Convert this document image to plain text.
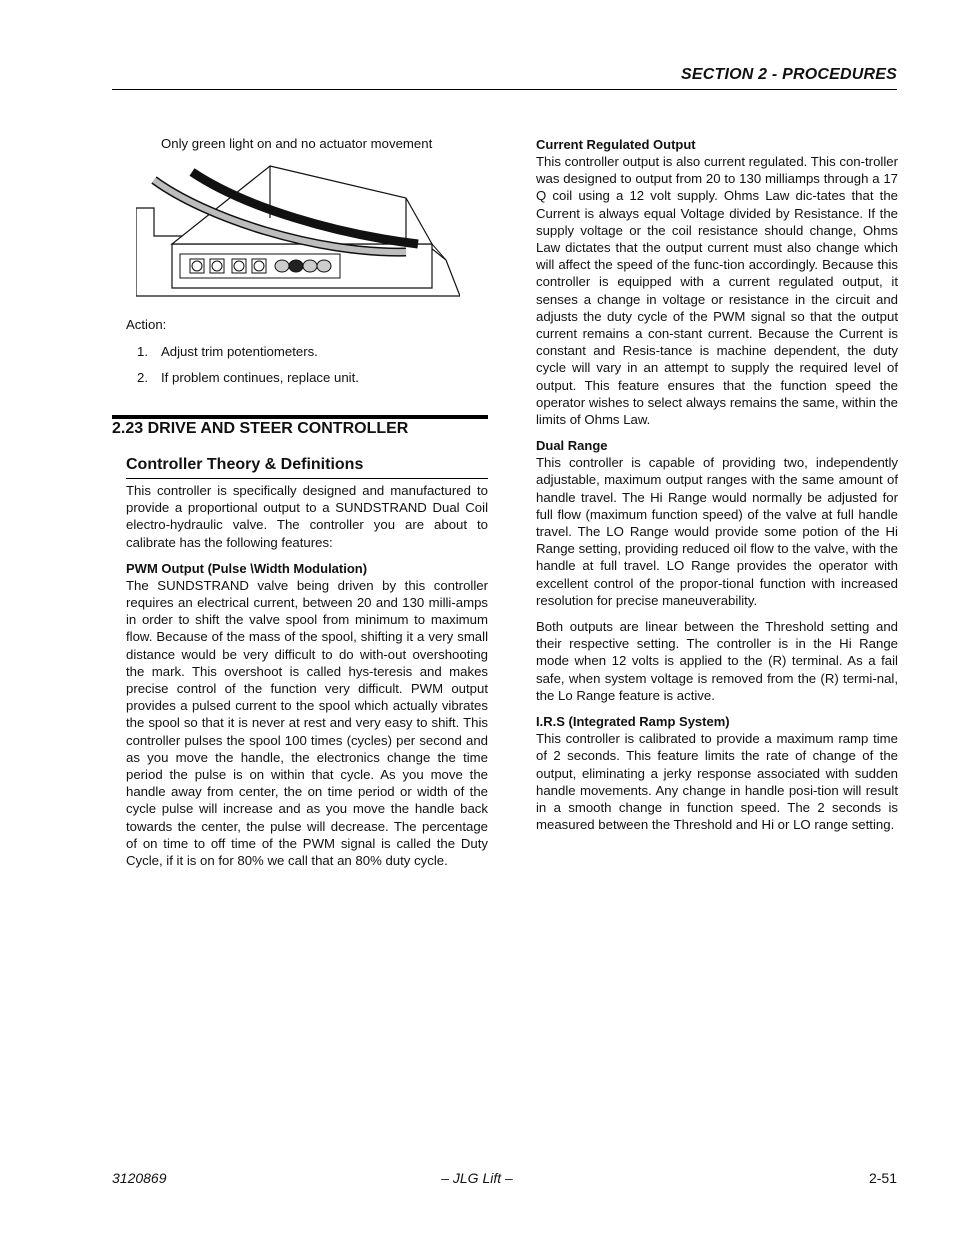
SECTION 2 - PROCEDURES
Only green light on and no actuator movement
Action:
1. Adjust trim potentiometers.
2. If problem continues, replace unit.
2.23 DRIVE AND STEER CONTROLLER
Controller Theory & Definitions

This controller is specifically designed and manufactured to provide a proportional output to a SUNDSTRAND Dual Coil electro-hydraulic valve. The controller you are about to calibrate has the following features:

PWM Output (Pulse \Width Modulation)

The SUNDSTRAND valve being driven by this controller requires an electrical current, between 20 and 130 milli-amps in order to shift the valve spool from minimum to maximum flow. Because of the mass of the spool, shifting it a very small distance would be very difficult to do with-out overshooting the mark. This overshoot is called hys-teresis and makes precise control of the function very difficult. PWM output provides a pulsed current to the spool which actually vibrates the spool so that it is never at rest and very easy to shift. This controller pulses the spool 100 times (cycles) per second and as you move the handle, the electronics change the time period the pulse is on within that cycle. As you move the handle away from center, the on time period or width of the cycle pulse will increase and as you move the handle back towards the center, the pulse will decrease. The percentage of on time to off time of the PWM signal is called the Duty Cycle, if it is on for 80% we call that an 80% duty cycle.

Current Regulated Output

This controller output is also current regulated. This con-troller was designed to output from 20 to 130 milliamps through a 17 Q coil using a 12 volt supply. Ohms Law dic-tates that the Current is always equal Voltage divided by Resistance. If the supply voltage or the coil resistance should change, Ohms Law dictates that the output current must also change which will affect the speed of the func-tion accordingly. Because this controller is equipped with a current regulated output, it senses a change in voltage or resistance in the circuit and adjusts the duty cycle of the PWM signal so that the output current remains a con-stant current. Because the Current is constant and Resis-tance is machine dependent, the duty cycle will vary in an attempt to supply the required level of output. This feature ensures that the function speed the operator wishes to select always remains the same, within the limits of Ohms Law.

Dual Range

This controller is capable of providing two, independently adjustable, maximum output ranges with the same amount of handle travel. The Hi Range would normally be adjusted for full flow (maximum function speed) of the valve at full handle travel. The LO Range would provide some potion of the Hi Range setting, providing reduced oil flow to the valve, with the handle at full travel. LO Range provides the operator with excellent control of the propor-tional function with increased resolution for precise maneuverability.

Both outputs are linear between the Threshold setting and their respective setting. The controller is in the Hi Range mode when 12 volts is applied to the (R) terminal. As a fail safe, when system voltage is removed from the (R) termi-nal, the Lo Range feature is active.

I.R.S (Integrated Ramp System)

This controller is calibrated to provide a maximum ramp time of 2 seconds. This feature limits the rate of change of the output, eliminating a jerky response associated with sudden handle movements. Any change in handle posi-tion will result in a smooth change in function speed. The 2 seconds is measured between the Threshold and Hi or LO range setting.

3120869	– JLG Lift –	2-51
